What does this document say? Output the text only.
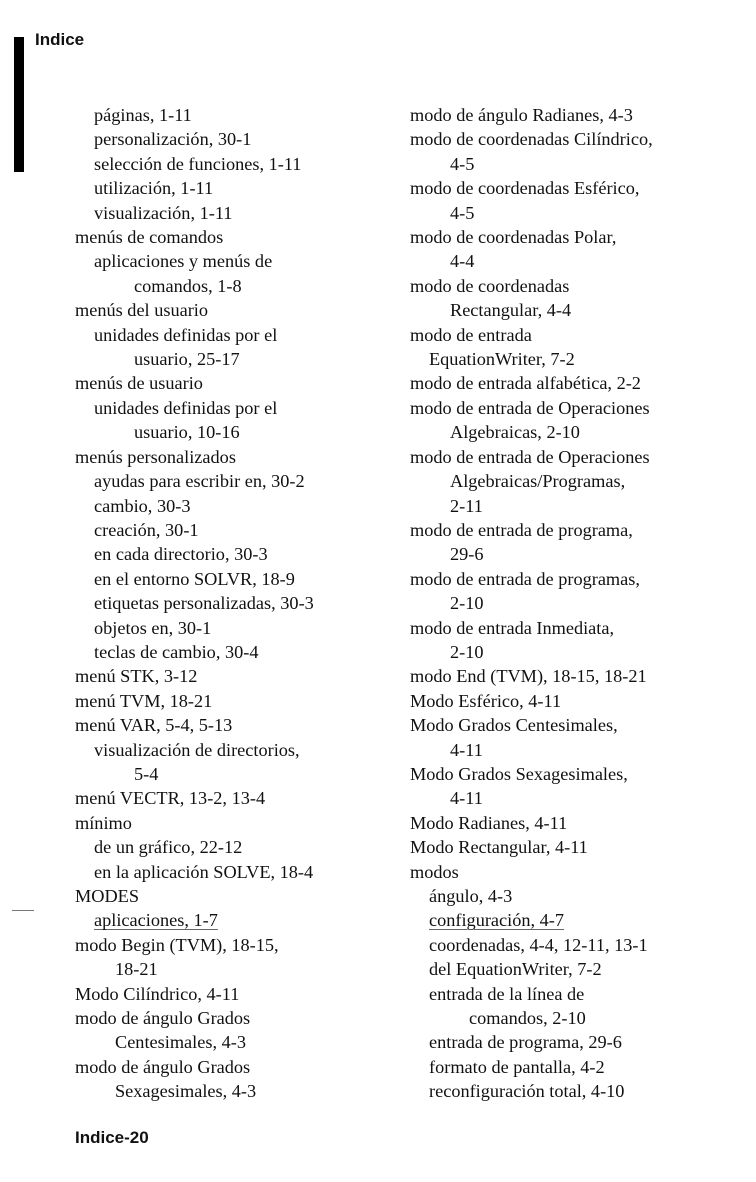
Indice
páginas, 1-11
personalización, 30-1
selección de funciones, 1-11
utilización, 1-11
visualización, 1-11
menús de comandos
aplicaciones y menús de
comandos, 1-8
menús del usuario
unidades definidas por el
usuario, 25-17
menús de usuario
unidades definidas por el
usuario, 10-16
menús personalizados
ayudas para escribir en, 30-2
cambio, 30-3
creación, 30-1
en cada directorio, 30-3
en el entorno SOLVR, 18-9
etiquetas personalizadas, 30-3
objetos en, 30-1
teclas de cambio, 30-4
menú STK, 3-12
menú TVM, 18-21
menú VAR, 5-4, 5-13
visualización de directorios,
5-4
menú VECTR, 13-2, 13-4
mínimo
de un gráfico, 22-12
en la aplicación SOLVE, 18-4
MODES
aplicaciones, 1-7
modo Begin (TVM), 18-15,
18-21
Modo Cilíndrico, 4-11
modo de ángulo Grados
Centesimales, 4-3
modo de ángulo Grados
Sexagesimales, 4-3
modo de ángulo Radianes, 4-3
modo de coordenadas Cilíndrico,
4-5
modo de coordenadas Esférico,
4-5
modo de coordenadas Polar,
4-4
modo de coordenadas
Rectangular, 4-4
modo de entrada
EquationWriter, 7-2
modo de entrada alfabética, 2-2
modo de entrada de Operaciones
Algebraicas, 2-10
modo de entrada de Operaciones
Algebraicas/Programas,
2-11
modo de entrada de programa,
29-6
modo de entrada de programas,
2-10
modo de entrada Inmediata,
2-10
modo End (TVM), 18-15, 18-21
Modo Esférico, 4-11
Modo Grados Centesimales,
4-11
Modo Grados Sexagesimales,
4-11
Modo Radianes, 4-11
Modo Rectangular, 4-11
modos
ángulo, 4-3
configuración, 4-7
coordenadas, 4-4, 12-11, 13-1
del EquationWriter, 7-2
entrada de la línea de
comandos, 2-10
entrada de programa, 29-6
formato de pantalla, 4-2
reconfiguración total, 4-10
Indice-20
